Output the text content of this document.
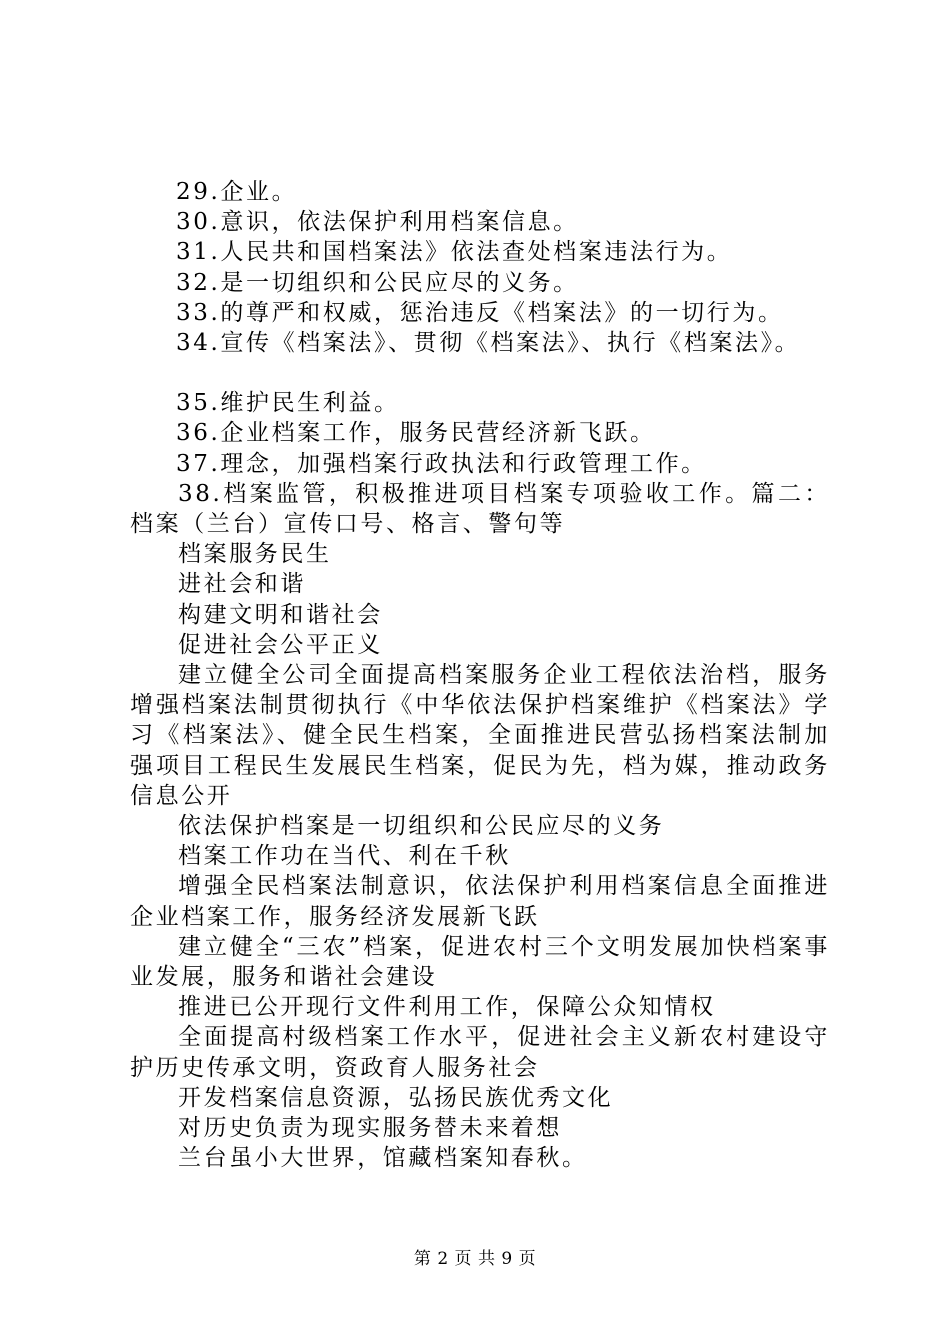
29.企业。
30.意识，依法保护利用档案信息。
31.人民共和国档案法》依法查处档案违法行为。
32.是一切组织和公民应尽的义务。
33.的尊严和权威，惩治违反《档案法》的一切行为。
34.宣传《档案法》、贯彻《档案法》、执行《档案法》。
35.维护民生利益。
36.企业档案工作，服务民营经济新飞跃。
37.理念，加强档案行政执法和行政管理工作。
38.档案监管，积极推进项目档案专项验收工作。篇二：档案（兰台）宣传口号、格言、警句等
档案服务民生
进社会和谐
构建文明和谐社会
促进社会公平正义
建立健全公司全面提高档案服务企业工程依法治档，服务增强档案法制贯彻执行《中华依法保护档案维护《档案法》学习《档案法》、健全民生档案，全面推进民营弘扬档案法制加强项目工程民生发展民生档案，促民为先，档为媒，推动政务信息公开
依法保护档案是一切组织和公民应尽的义务
档案工作功在当代、利在千秋
增强全民档案法制意识，依法保护利用档案信息全面推进企业档案工作，服务经济发展新飞跃
建立健全“三农”档案，促进农村三个文明发展加快档案事业发展，服务和谐社会建设
推进已公开现行文件利用工作，保障公众知情权
全面提高村级档案工作水平，促进社会主义新农村建设守护历史传承文明，资政育人服务社会
开发档案信息资源，弘扬民族优秀文化
对历史负责为现实服务替未来着想
兰台虽小大世界，馆藏档案知春秋。
第 2 页 共 9 页
